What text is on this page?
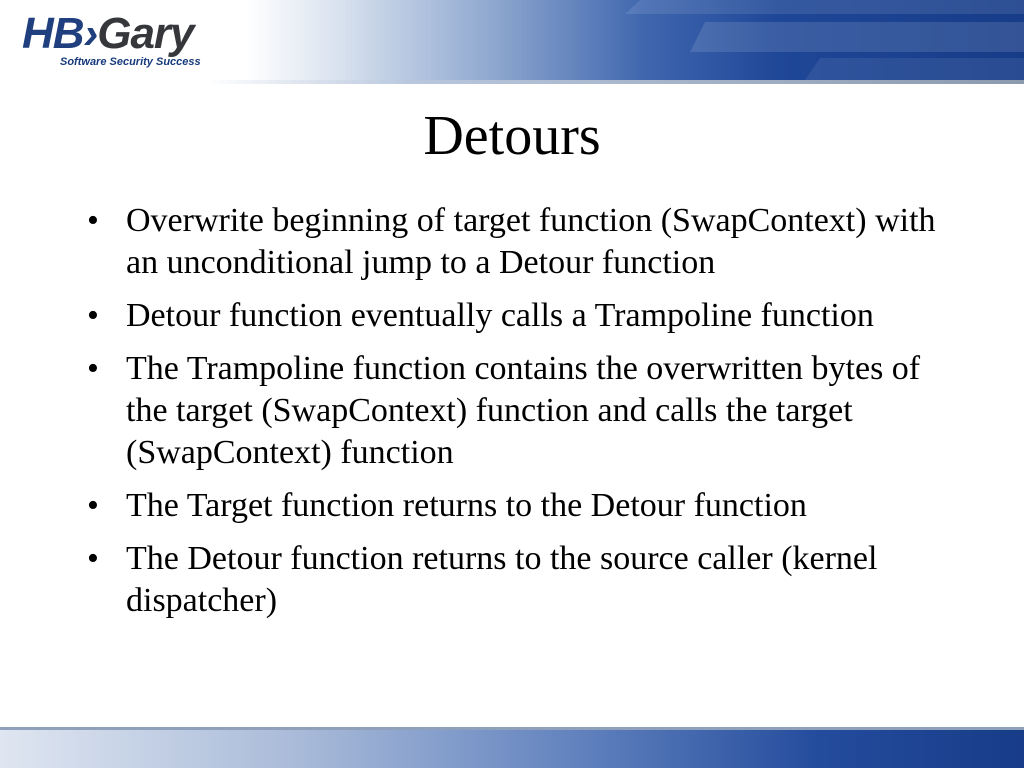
HB›Gary
Software Security Success
Detours
• Overwrite beginning of target function (SwapContext) with an unconditional jump to a Detour function
• Detour function eventually calls a Trampoline function
• The Trampoline function contains the overwritten bytes of the target (SwapContext) function and calls the target (SwapContext) function
• The Target function returns to the Detour function
• The Detour function returns to the source caller (kernel dispatcher)
